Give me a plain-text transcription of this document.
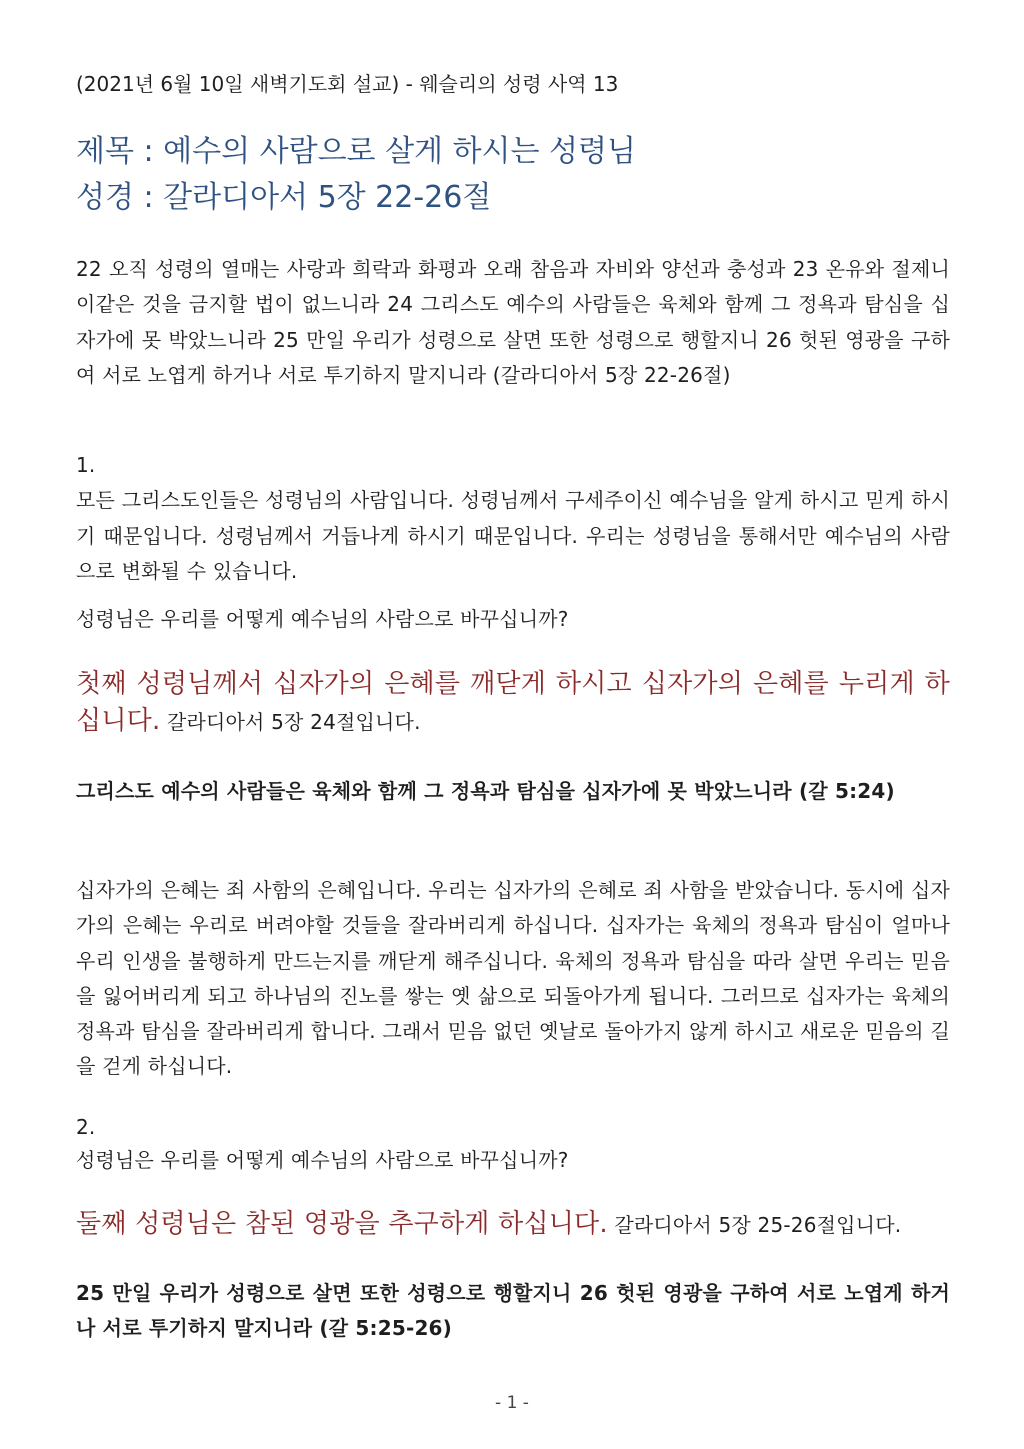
(2021년 6월 10일 새벽기도회 설교) - 웨슬리의 성령 사역 13

제목 : 예수의 사람으로 살게 하시는 성령님

성경 : 갈라디아서 5장 22-26절

22 오직 성령의 열매는 사랑과 희락과 화평과 오래 참음과 자비와 양선과 충성과 23 온유와 절제니 이같은 것을 금지할 법이 없느니라 24 그리스도 예수의 사람들은 육체와 함께 그 정욕과 탐심을 십자가에 못 박았느니라 25 만일 우리가 성령으로 살면 또한 성령으로 행할지니 26 헛된 영광을 구하여 서로 노엽게 하거나 서로 투기하지 말지니라 (갈라디아서 5장 22-26절)

1.
모든 그리스도인들은 성령님의 사람입니다. 성령님께서 구세주이신 예수님을 알게 하시고 믿게 하시기 때문입니다. 성령님께서 거듭나게 하시기 때문입니다. 우리는 성령님을 통해서만 예수님의 사람으로 변화될 수 있습니다.

성령님은 우리를 어떻게 예수님의 사람으로 바꾸십니까?

첫째 성령님께서 십자가의 은혜를 깨닫게 하시고 십자가의 은혜를 누리게 하십니다. 갈라디아서 5장 24절입니다.

그리스도 예수의 사람들은 육체와 함께 그 정욕과 탐심을 십자가에 못 박았느니라 (갈 5:24)

십자가의 은혜는 죄 사함의 은혜입니다. 우리는 십자가의 은혜로 죄 사함을 받았습니다. 동시에 십자가의 은혜는 우리로 버려야할 것들을 잘라버리게 하십니다. 십자가는 육체의 정욕과 탐심이 얼마나 우리 인생을 불행하게 만드는지를 깨닫게 해주십니다. 육체의 정욕과 탐심을 따라 살면 우리는 믿음을 잃어버리게 되고 하나님의 진노를 쌓는 옛 삶으로 되돌아가게 됩니다. 그러므로 십자가는 육체의 정욕과 탐심을 잘라버리게 합니다. 그래서 믿음 없던 옛날로 돌아가지 않게 하시고 새로운 믿음의 길을 걷게 하십니다.

2.

성령님은 우리를 어떻게 예수님의 사람으로 바꾸십니까?

둘째 성령님은 참된 영광을 추구하게 하십니다. 갈라디아서 5장 25-26절입니다.

25 만일 우리가 성령으로 살면 또한 성령으로 행할지니 26 헛된 영광을 구하여 서로 노엽게 하거나 서로 투기하지 말지니라 (갈 5:25-26)

- 1 -
